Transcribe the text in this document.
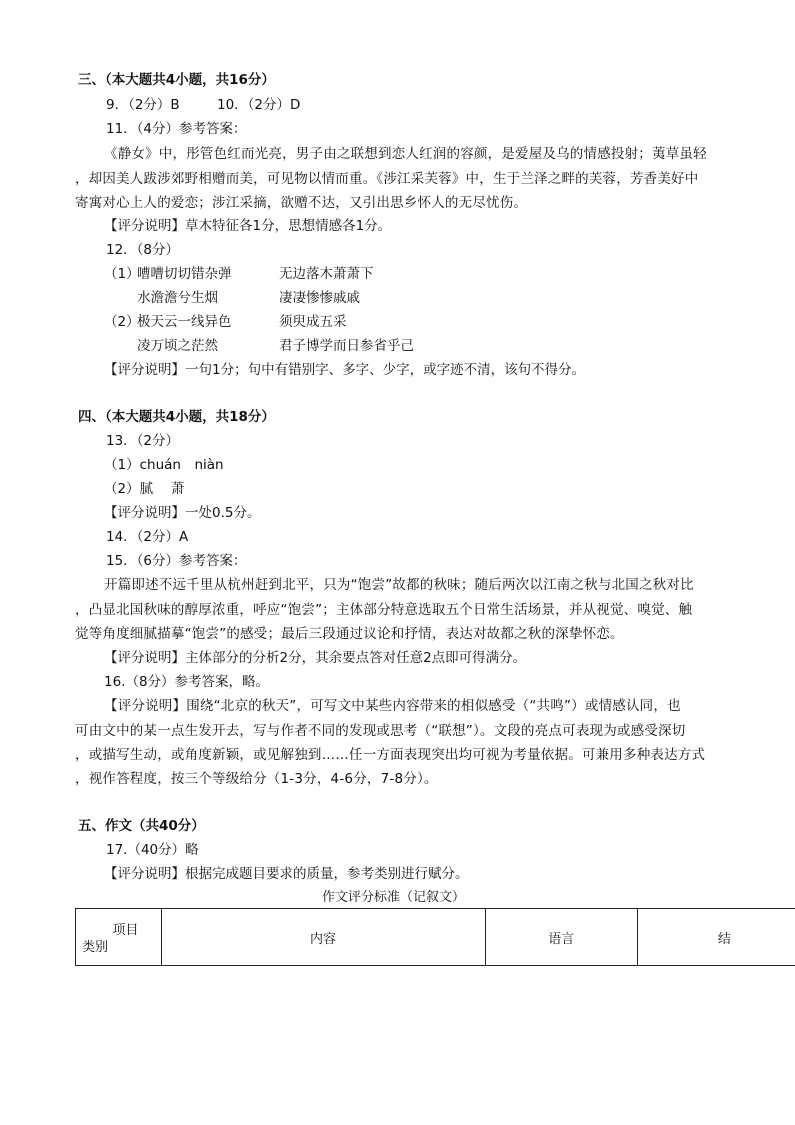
三、（本大题共4小题，共16分）
9．（2分）B	10．（2分）D
11．（4分）参考答案：
《静女》中，彤管色红而光亮，男子由之联想到恋人红润的容颜，是爱屋及乌的情感投射；荑草虽轻
，却因美人跋涉郊野相赠而美，可见物以情而重。《涉江采芙蓉》中，生于兰泽之畔的芙蓉，芳香美好中
寄寓对心上人的爱恋；涉江采摘，欲赠不达，又引出思乡怀人的无尽忧伤。
【评分说明】草木特征各1分，思想情感各1分。
12．（8分）
（1）
嘈嘈切切错杂弹	无边落木萧萧下
水澹澹兮生烟	凄凄惨惨戚戚
（2）
极天云一线异色	须臾成五采
凌万顷之茫然	君子博学而日参省乎己
【评分说明】一句1分；句中有错别字、多字、少字，或字迹不清，该句不得分。
四、（本大题共4小题，共18分）
13．（2分）
（1）chuán　niàn
（2）腻　 萧
【评分说明】一处0.5分。
14．（2分）A
15．（6分）参考答案：
开篇即述不远千里从杭州赶到北平，只为“饱尝”故都的秋味；随后两次以江南之秋与北国之秋对比
，凸显北国秋味的醇厚浓重，呼应“饱尝”；主体部分特意选取五个日常生活场景，并从视觉、嗅觉、触
觉等角度细腻描摹“饱尝”的感受；最后三段通过议论和抒情，表达对故都之秋的深挚怀恋。
【评分说明】主体部分的分析2分，其余要点答对任意2点即可得满分。
16.（8分）参考答案，略。
【评分说明】围绕“北京的秋天”，可写文中某些内容带来的相似感受（“共鸣”）或情感认同，也
可由文中的某一点生发开去，写与作者不同的发现或思考（“联想”）。文段的亮点可表现为或感受深切
，或描写生动，或角度新颖，或见解独到……任一方面表现突出均可视为考量依据。可兼用多种表达方式
，视作答程度，按三个等级给分（1-3分，4-6分，7-8分）。
五、作文（共40分）
17.（40分）略
【评分说明】根据完成题目要求的质量，参考类别进行赋分。
作文评分标准（记叙文）
项目
类别
	内容	语言	结
